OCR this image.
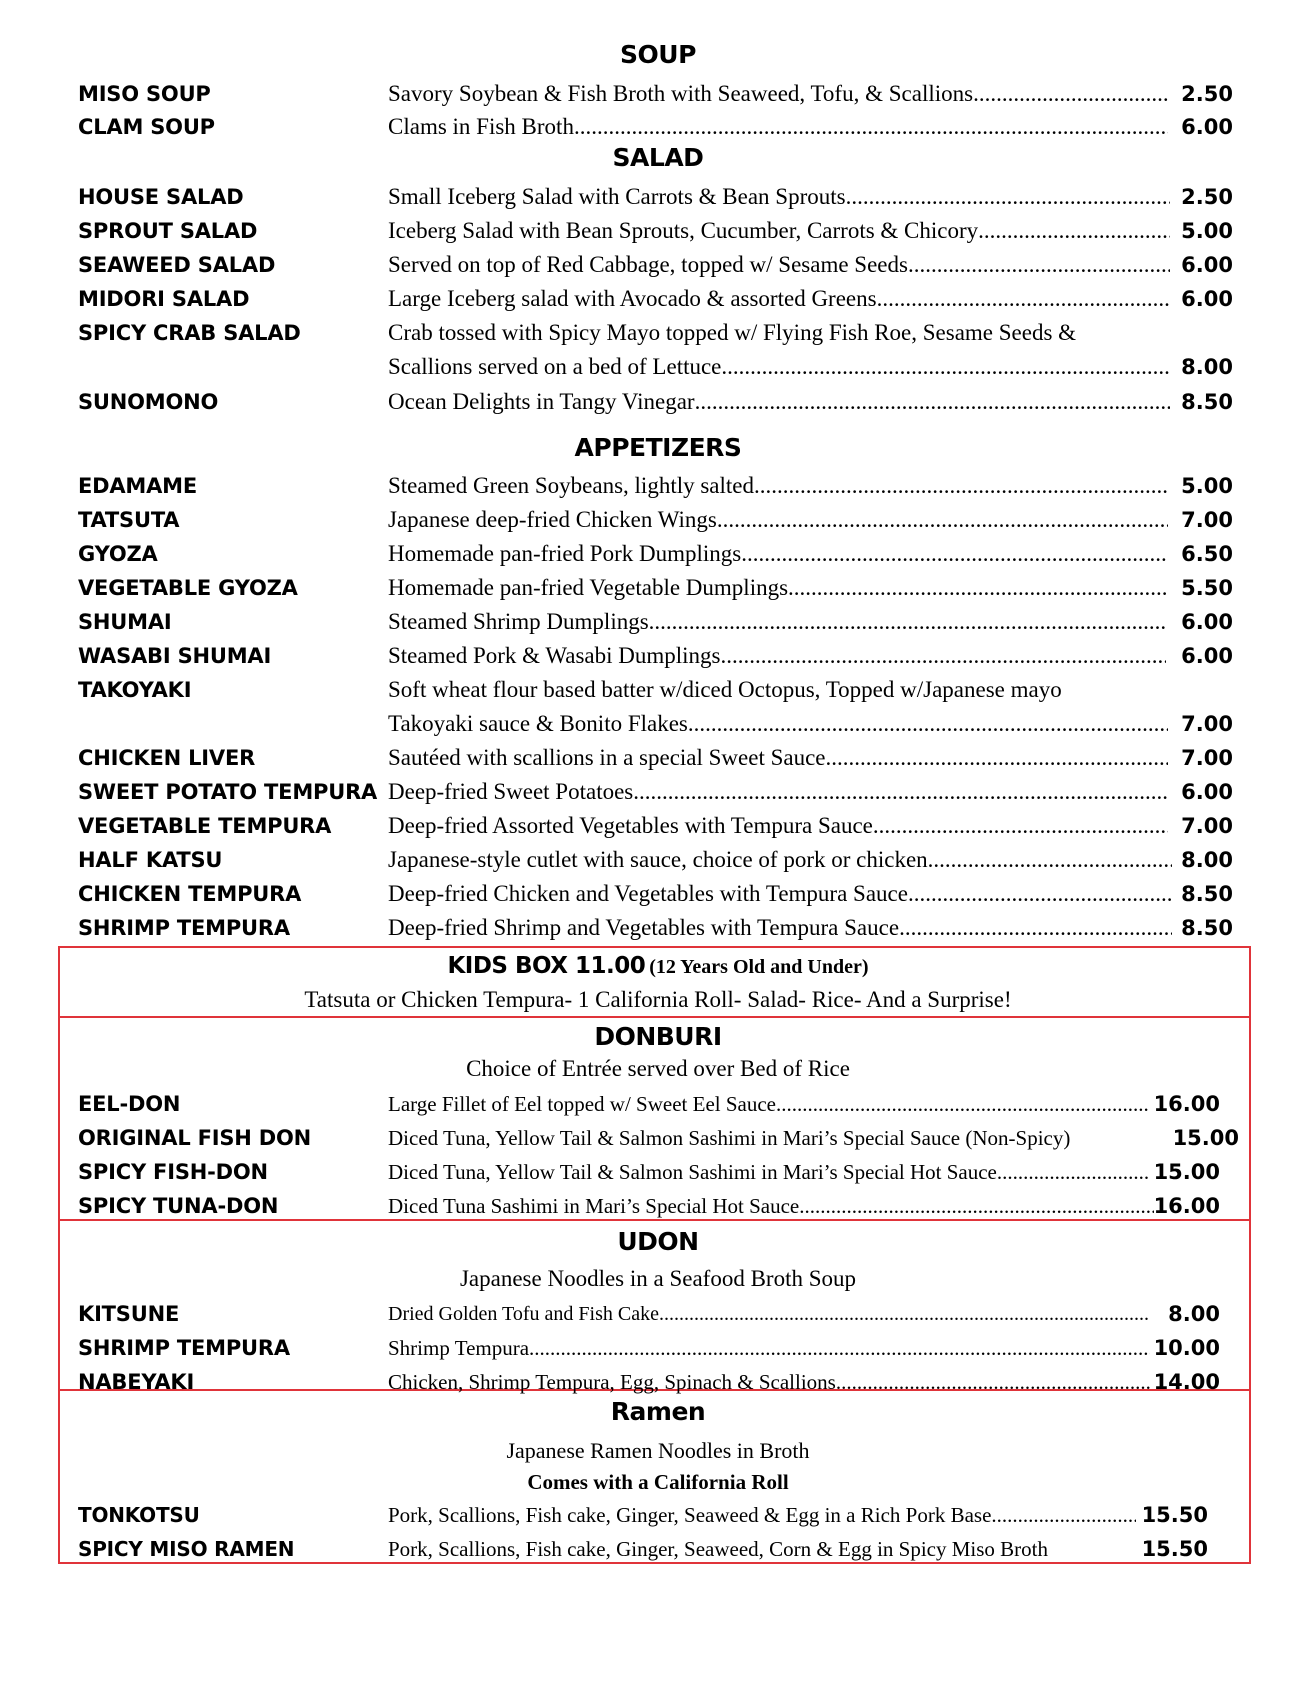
SOUP
MISO SOUP	Savory Soybean & Fish Broth with Seaweed, Tofu, & Scallions .....	2.50
CLAM SOUP	Clams in Fish Broth .....	6.00
SALAD
HOUSE SALAD	Small Iceberg Salad with Carrots & Bean Sprouts .....	2.50
SPROUT SALAD	Iceberg Salad with Bean Sprouts, Cucumber, Carrots & Chicory .....	5.00
SEAWEED SALAD	Served on top of Red Cabbage, topped w/ Sesame Seeds .....	6.00
MIDORI SALAD	Large Iceberg salad with Avocado & assorted Greens .....	6.00
SPICY CRAB SALAD	Crab tossed with Spicy Mayo topped w/ Flying Fish Roe, Sesame Seeds &
Scallions served on a bed of Lettuce .....	8.00
SUNOMONO	Ocean Delights in Tangy Vinegar .....	8.50
APPETIZERS
EDAMAME	Steamed Green Soybeans, lightly salted .....	5.00
TATSUTA	Japanese deep-fried Chicken Wings .....	7.00
GYOZA	Homemade pan-fried Pork Dumplings .....	6.50
VEGETABLE GYOZA	Homemade pan-fried Vegetable Dumplings .....	5.50
SHUMAI	Steamed Shrimp Dumplings .....	6.00
WASABI SHUMAI	Steamed Pork & Wasabi Dumplings .....	6.00
TAKOYAKI	Soft wheat flour based batter w/diced Octopus, Topped w/Japanese mayo
Takoyaki sauce & Bonito Flakes .....	7.00
CHICKEN LIVER	Sautéed with scallions in a special Sweet Sauce .....	7.00
SWEET POTATO TEMPURA Deep-fried Sweet Potatoes .....	6.00
VEGETABLE TEMPURA Deep-fried Assorted Vegetables with Tempura Sauce .....	7.00
HALF KATSU	Japanese-style cutlet with sauce, choice of pork or chicken .....	8.00
CHICKEN TEMPURA	Deep-fried Chicken and Vegetables with Tempura Sauce .....	8.50
SHRIMP TEMPURA	Deep-fried Shrimp and Vegetables with Tempura Sauce .....	8.50
KIDS BOX 11.00 (12 Years Old and Under)
Tatsuta or Chicken Tempura- 1 California Roll- Salad- Rice- And a Surprise!
DONBURI
Choice of Entrée served over Bed of Rice
EEL-DON	Large Fillet of Eel topped w/ Sweet Eel Sauce .....	16.00
ORIGINAL FISH DON	Diced Tuna, Yellow Tail & Salmon Sashimi in Mari’s Special Sauce (Non-Spicy)	15.00
SPICY FISH-DON	Diced Tuna, Yellow Tail & Salmon Sashimi in Mari’s Special Hot Sauce .....	15.00
SPICY TUNA-DON	Diced Tuna Sashimi in Mari’s Special Hot Sauce .....	16.00
UDON
Japanese Noodles in a Seafood Broth Soup
KITSUNE	Dried Golden Tofu and Fish Cake .....	8.00
SHRIMP TEMPURA	Shrimp Tempura .....	10.00
NABEYAKI	Chicken, Shrimp Tempura, Egg, Spinach & Scallions .....	14.00
Ramen
Japanese Ramen Noodles in Broth
Comes with a California Roll
TONKOTSU	Pork, Scallions, Fish cake, Ginger, Seaweed & Egg in a Rich Pork Base .....	15.50
SPICY MISO RAMEN	Pork, Scallions, Fish cake, Ginger, Seaweed, Corn & Egg in Spicy Miso Broth	15.50
